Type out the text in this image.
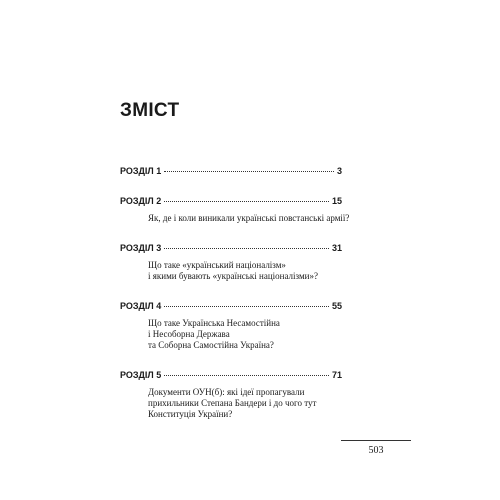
ЗМІСТ
РОЗДІЛ 1	3
РОЗДІЛ 2	15
Як, де і коли виникали українські повстанські армії?
РОЗДІЛ 3	31
Що таке «український націоналізм»
і якими бувають «українські націоналізми»?
РОЗДІЛ 4	55
Що таке Українська Несамостійна
і Несоборна Держава
та Соборна Самостійна Україна?
РОЗДІЛ 5	71
Документи ОУН(б): які ідеї пропагували
прихильники Степана Бандери і до чого тут
Конституція України?
503
